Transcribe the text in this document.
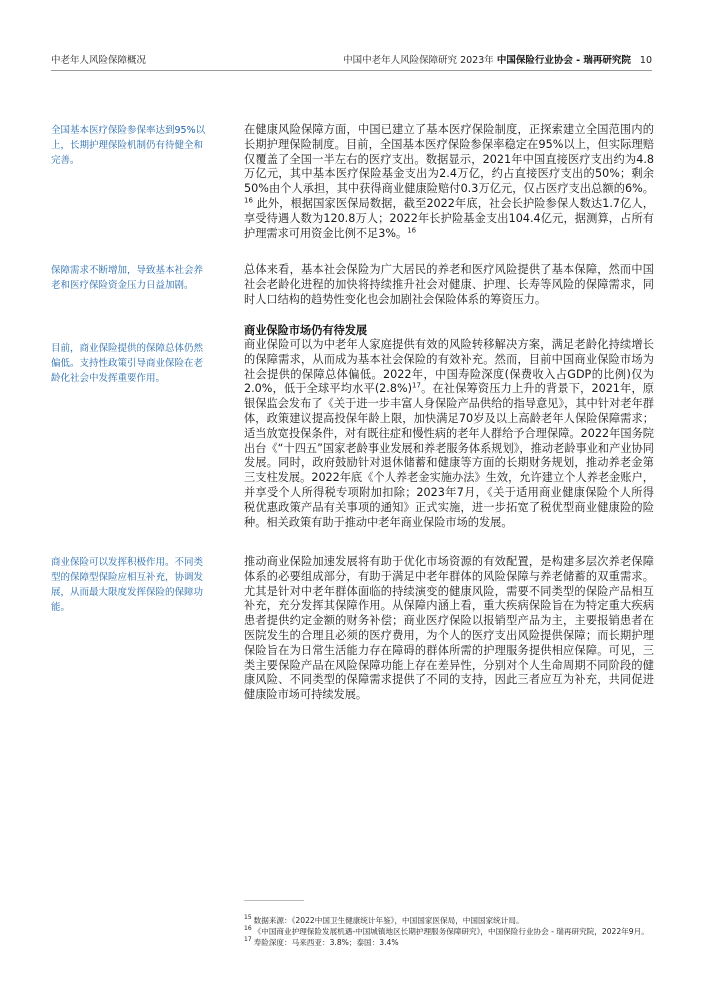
中老年人风险保障概况	中国中老年人风险保障研究 2023年 中国保险行业协会 - 瑞再研究院 10
全国基本医疗保险参保率达到95%以上，长期护理保险机制仍有待健全和完善。
保障需求不断增加，导致基本社会养老和医疗保险资金压力日益加剧。
目前，商业保险提供的保障总体仍然偏低。支持性政策引导商业保险在老龄化社会中发挥重要作用。
商业保险可以发挥积极作用。不同类型的保障型保险应相互补充，协调发展，从而最大限度发挥保险的保障功能。

在健康风险保障方面，中国已建立了基本医疗保险制度，正探索建立全国范围内的长期护理保险制度。目前，全国基本医疗保险参保率稳定在95%以上，但实际理赔仅覆盖了全国一半左右的医疗支出。数据显示，2021年中国直接医疗支出约为4.8万亿元，其中基本医疗保险基金支出为2.4万亿，约占直接医疗支出的50%；剩余50%由个人承担，其中获得商业健康险赔付0.3万亿元，仅占医疗支出总额的6%。$^{16}$ 此外，根据国家医保局数据，截至2022年底，社会长护险参保人数达1.7亿人，享受待遇人数为120.8万人；2022年长护险基金支出104.4亿元，据测算，占所有护理需求可用资金比例不足3%。$^{16}$

总体来看，基本社会保险为广大居民的养老和医疗风险提供了基本保障，然而中国社会老龄化进程的加快将持续推升社会对健康、护理、长寿等风险的保障需求，同时人口结构的趋势性变化也会加剧社会保险体系的筹资压力。

商业保险市场仍有待发展

商业保险可以为中老年人家庭提供有效的风险转移解决方案，满足老龄化持续增长的保障需求，从而成为基本社会保险的有效补充。然而，目前中国商业保险市场为社会提供的保障总体偏低。2022年，中国寿险深度(保费收入占GDP的比例)仅为2.0%，低于全球平均水平$(2.8\%)^{17}$。在社保筹资压力上升的背景下，2021年，原银保监会发布了《关于进一步丰富人身保险产品供给的指导意见》，其中针对老年群体，政策建议提高投保年龄上限，加快满足70岁及以上高龄老年人保险保障需求；适当放宽投保条件，对有既往症和慢性病的老年人群给予合理保障。2022年国务院出台《“十四五”国家老龄事业发展和养老服务体系规划》，推动老龄事业和产业协同发展。同时，政府鼓励针对退休储蓄和健康等方面的长期财务规划，推动养老金第三支柱发展。2022年底《个人养老金实施办法》生效，允许建立个人养老金账户，并享受个人所得税专项附加扣除；2023年7月，《关于适用商业健康保险个人所得税优惠政策产品有关事项的通知》正式实施，进一步拓宽了税优型商业健康险的险种。相关政策有助于推动中老年商业保险市场的发展。

推动商业保险加速发展将有助于优化市场资源的有效配置，是构建多层次养老保障体系的必要组成部分，有助于满足中老年群体的风险保障与养老储蓄的双重需求。尤其是针对中老年群体面临的持续演变的健康风险，需要不同类型的保险产品相互补充，充分发挥其保障作用。从保障内涵上看，重大疾病保险旨在为特定重大疾病患者提供约定金额的财务补偿；商业医疗保险以报销型产品为主，主要报销患者在医院发生的合理且必须的医疗费用，为个人的医疗支出风险提供保障；而长期护理保险旨在为日常生活能力存在障碍的群体所需的护理服务提供相应保障。可见，三类主要保险产品在风险保障功能上存在差异性，分别对个人生命周期不同阶段的健康风险、不同类型的保障需求提供了不同的支持，因此三者应互为补充，共同促进健康险市场可持续发展。

$^{15}$ 数据来源：《2022中国卫生健康统计年鉴》，中国国家医保局，中国国家统计局。
$^{16}$ 《中国商业护理保险发展机遇-中国城镇地区长期护理服务保障研究》，中国保险行业协会 - 瑞再研究院，2022年9月。
$^{17}$ 寿险深度：马来西亚：3.8%；泰国：3.4%
